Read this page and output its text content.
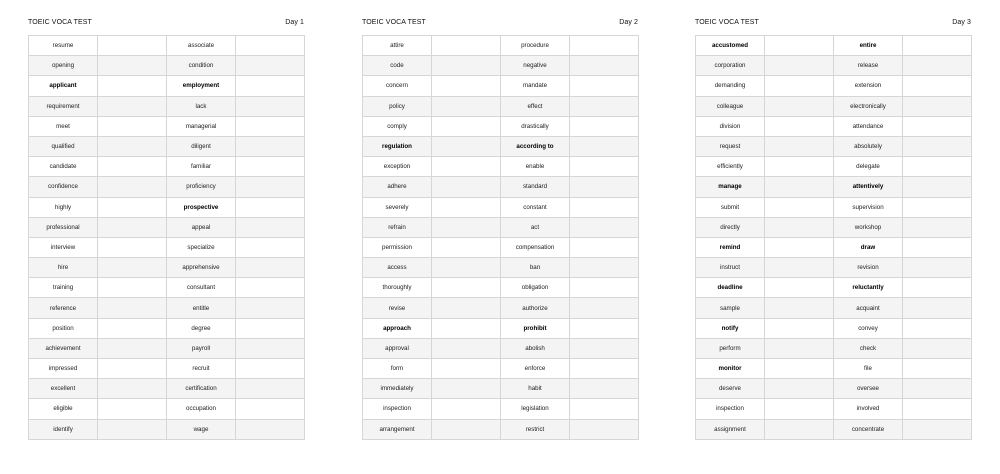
TOEIC VOCA TEST	Day 1
resume		associate	
opening		condition	
applicant		employment	
requirement		lack	
meet		managerial	
qualified		diligent	
candidate		familiar	
confidence		proficiency	
highly		prospective	
professional		appeal	
interview		specialize	
hire		apprehensive	
training		consultant	
reference		entitle	
position		degree	
achievement		payroll	
impressed		recruit	
excellent		certification	
eligible		occupation	
identify		wage	
TOEIC VOCA TEST	Day 2
attire		procedure	
code		negative	
concern		mandate	
policy		effect	
comply		drastically	
regulation		according to	
exception		enable	
adhere		standard	
severely		constant	
refrain		act	
permission		compensation	
access		ban	
thoroughly		obligation	
revise		authorize	
approach		prohibit	
approval		abolish	
form		enforce	
immediately		habit	
inspection		legislation	
arrangement		restrict	
TOEIC VOCA TEST	Day 3
accustomed		entire	
corporation		release	
demanding		extension	
colleague		electronically	
division		attendance	
request		absolutely	
efficiently		delegate	
manage		attentively	
submit		supervision	
directly		workshop	
remind		draw	
instruct		revision	
deadline		reluctantly	
sample		acquaint	
notify		convey	
perform		check	
monitor		file	
deserve		oversee	
inspection		involved	
assignment		concentrate	
